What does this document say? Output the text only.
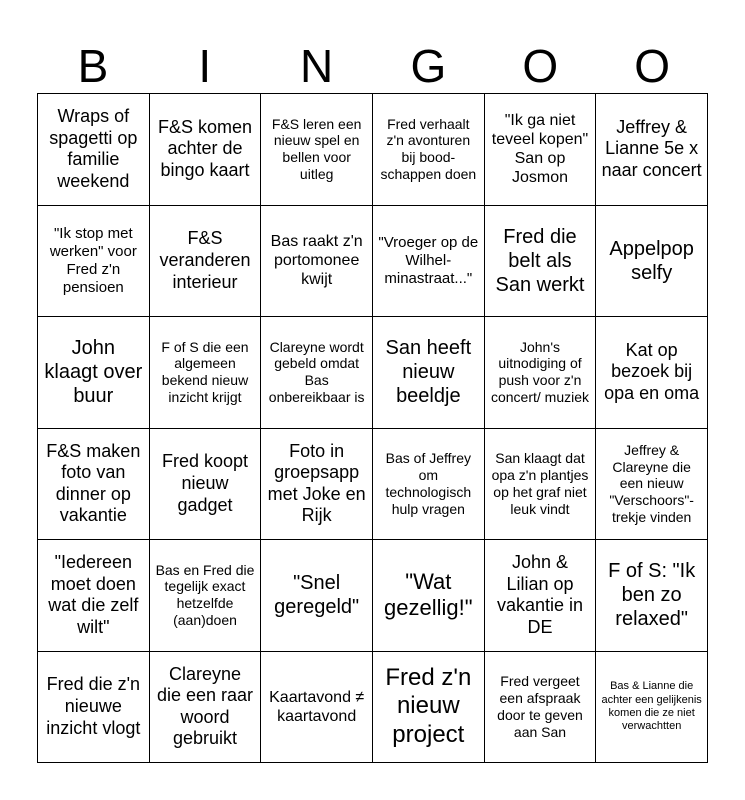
B	I	N	G	O	O
Wraps of spagetti op familie weekend
F&S komen achter de bingo kaart
F&S leren een nieuw spel en bellen voor uitleg
Fred verhaalt z'n avonturen bij bood-schappen doen
"Ik ga niet teveel kopen" San op Josmon
Jeffrey & Lianne 5e x naar concert
"Ik stop met werken" voor Fred z'n pensioen
F&S veranderen interieur
Bas raakt z'n portomonee kwijt
"Vroeger op de Wilhel-minastraat..."
Fred die belt als San werkt
Appelpop selfy
John klaagt over buur
F of S die een algemeen bekend nieuw inzicht krijgt
Clareyne wordt gebeld omdat Bas onbereikbaar is
San heeft nieuw beeldje
John's uitnodiging of push voor z'n concert/ muziek
Kat op bezoek bij opa en oma
F&S maken foto van dinner op vakantie
Fred koopt nieuw gadget
Foto in groepsapp met Joke en Rijk
Bas of Jeffrey om technologisch hulp vragen
San klaagt dat opa z'n plantjes op het graf niet leuk vindt
Jeffrey & Clareyne die een nieuw "Verschoors"-trekje vinden
"Iedereen moet doen wat die zelf wilt"
Bas en Fred die tegelijk exact hetzelfde (aan)doen
"Snel geregeld"
"Wat gezellig!"
John & Lilian op vakantie in DE
F of S: "Ik ben zo relaxed"
Fred die z'n nieuwe inzicht vlogt
Clareyne die een raar woord gebruikt
Kaartavond ≠ kaartavond
Fred z'n nieuw project
Fred vergeet een afspraak door te geven aan San
Bas & Lianne die achter een gelijkenis komen die ze niet verwachtten
